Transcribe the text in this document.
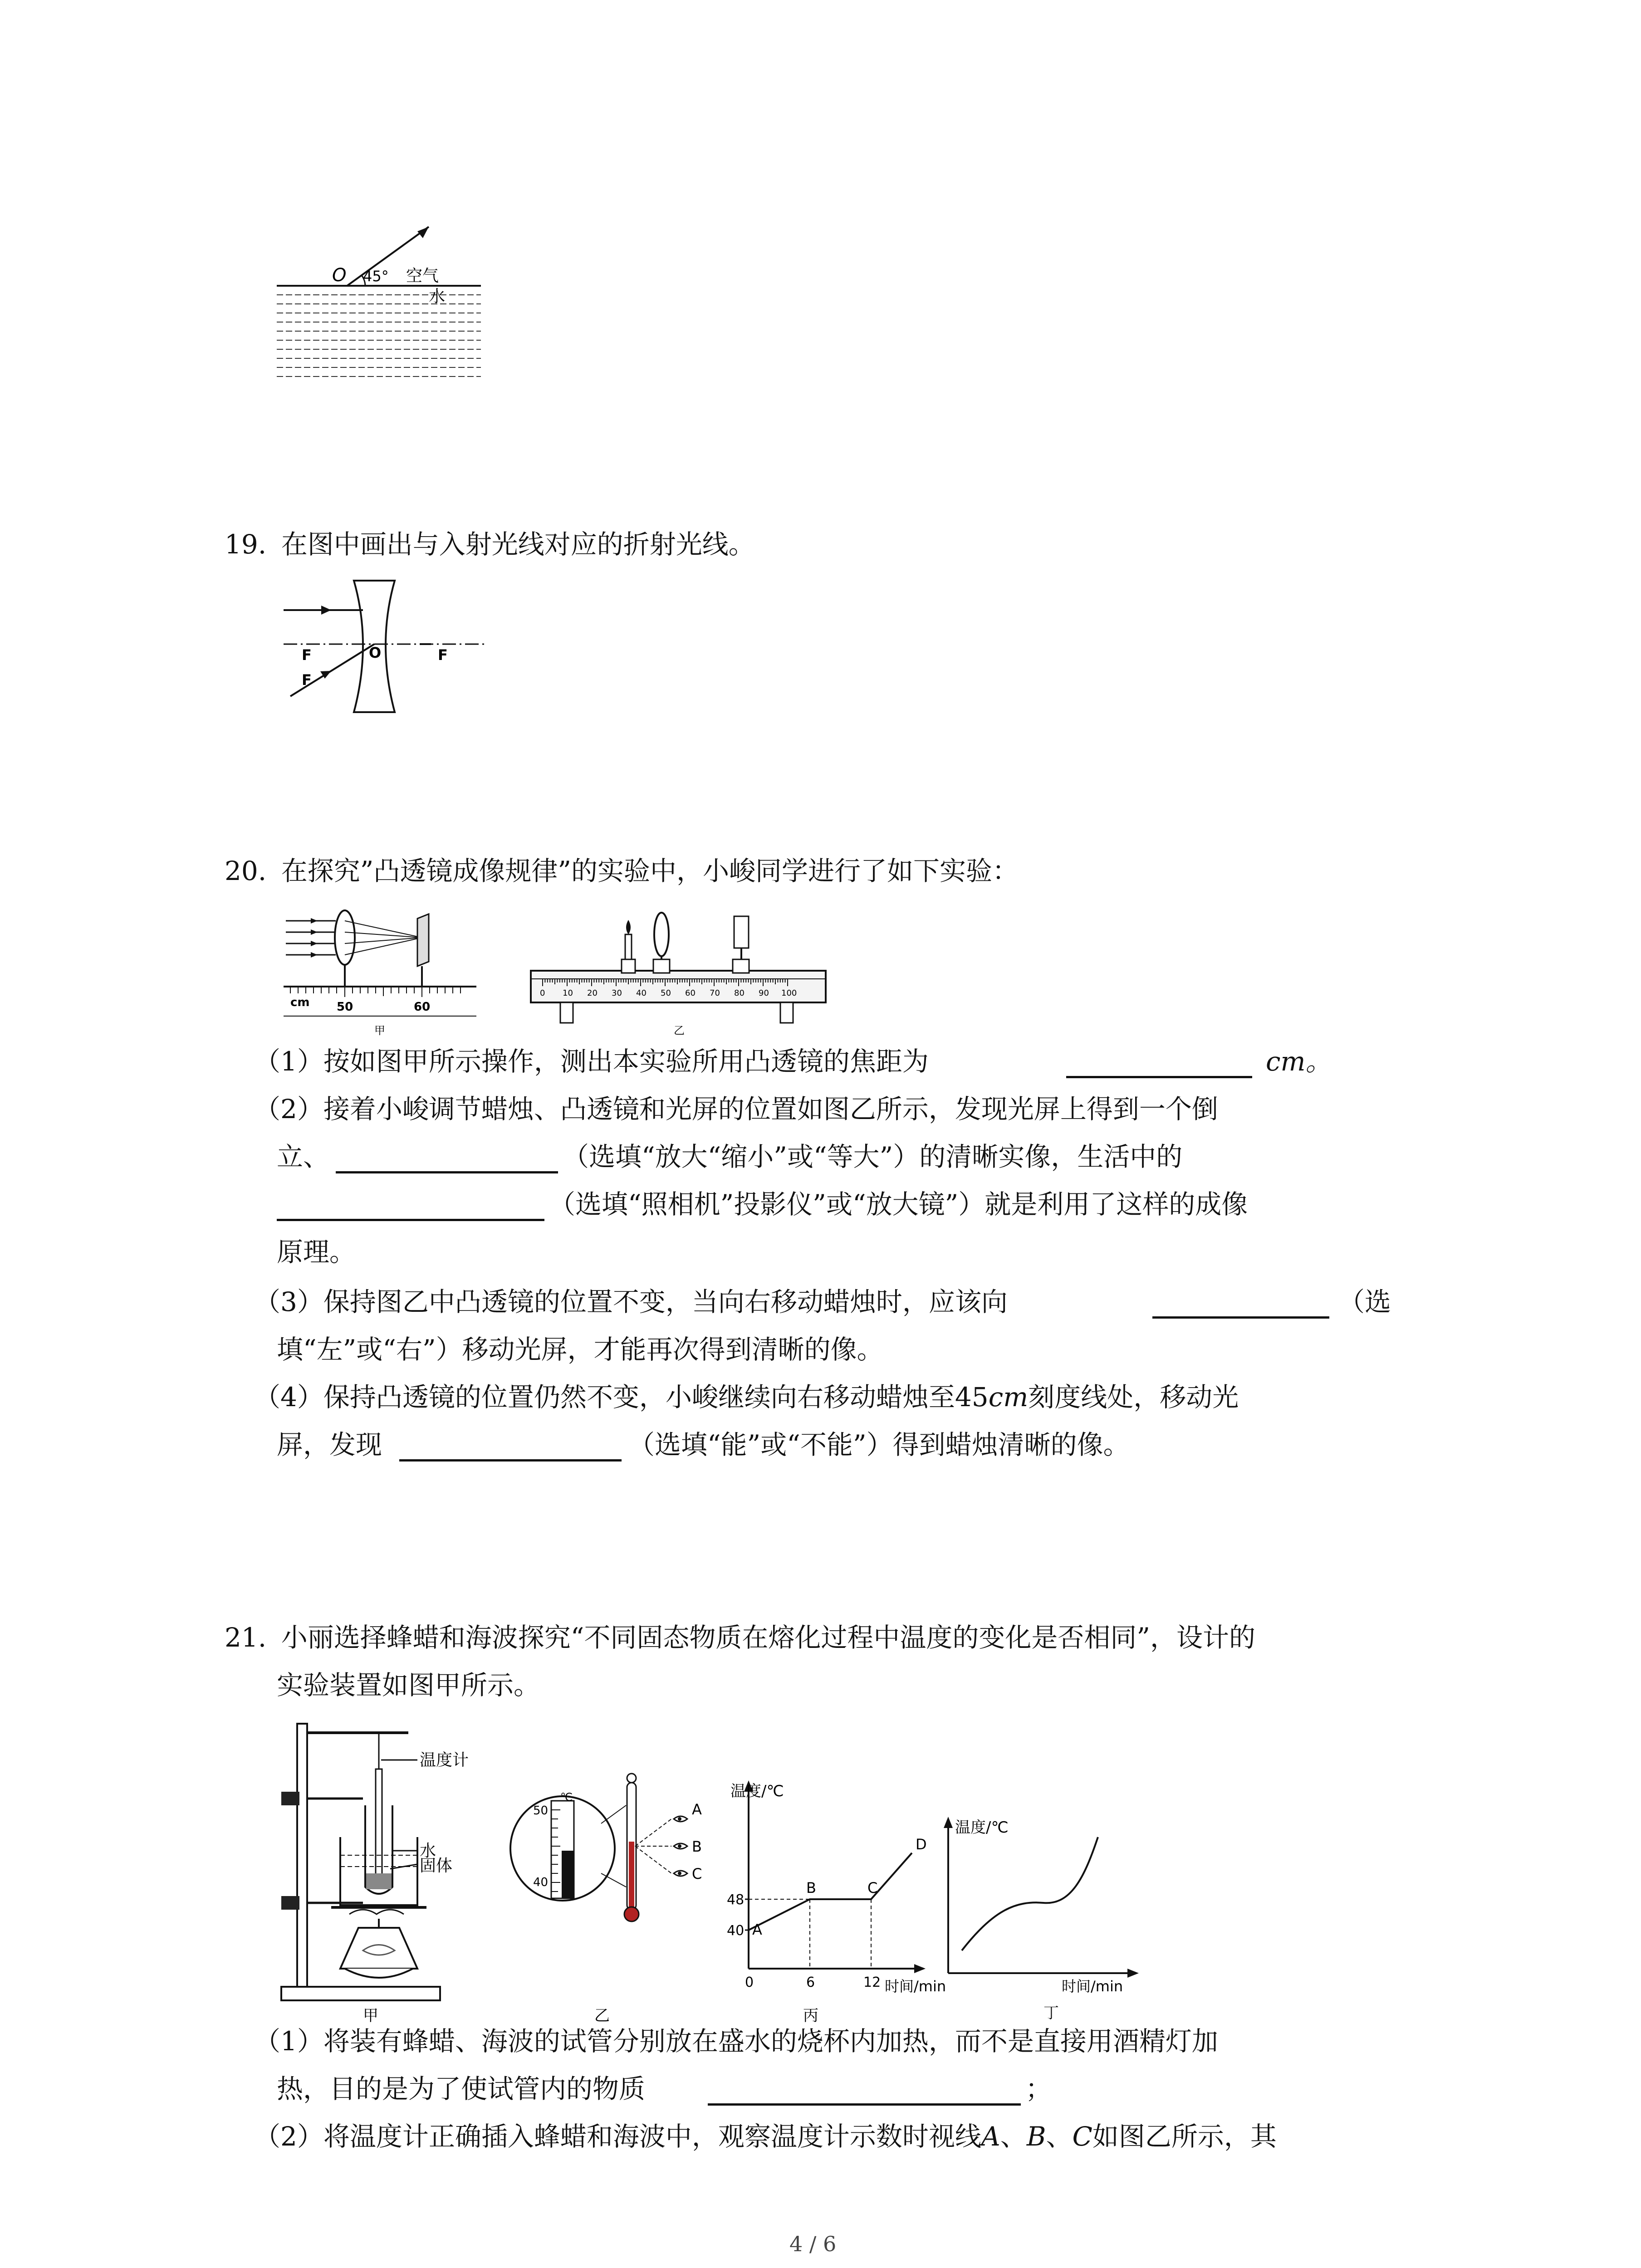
O 45° 空气
水
19. 在图中画出与入射光线对应的折射光线。
F
F
O	F
20. 在探究”凸透镜成像规律”的实验中，小峻同学进行了如下实验：
cm 50	60
甲
0 10 20 30 40 50 60 70 80 90 100
乙
（1）按如图甲所示操作，测出本实验所用凸透镜的焦距为	cm。
（2）接着小峻调节蜡烛、凸透镜和光屏的位置如图乙所示，发现光屏上得到一个倒
立、	（选填“放大“缩小”或“等大”）的清晰实像，生活中的
（选填“照相机”投影仪”或“放大镜”）就是利用了这样的成像
原理。
（3）保持图乙中凸透镜的位置不变，当向右移动蜡烛时，应该向	（选
填“左”或“右”）移动光屏，才能再次得到清晰的像。
（4）保持凸透镜的位置仍然不变，小峻继续向右移动蜡烛至45cm刻度线处，移动光
屏，发现	（选填“能”或“不能”）得到蜡烛清晰的像。
21. 小丽选择蜂蜡和海波探究“不同固态物质在熔化过程中温度的变化是否相同”，设计的
实验装置如图甲所示。
温度计
水
固体
甲
℃
50
40
A
B
C
乙
A
B	C
D
40
48
0	6	12
温度/℃
时间/min
丙
温度/℃
时间/min
丁
（1）将装有蜂蜡、海波的试管分别放在盛水的烧杯内加热，而不是直接用酒精灯加
热，目的是为了使试管内的物质	；
（2）将温度计正确插入蜂蜡和海波中，观察温度计示数时视线A、B、C如图乙所示，其
4 / 6
